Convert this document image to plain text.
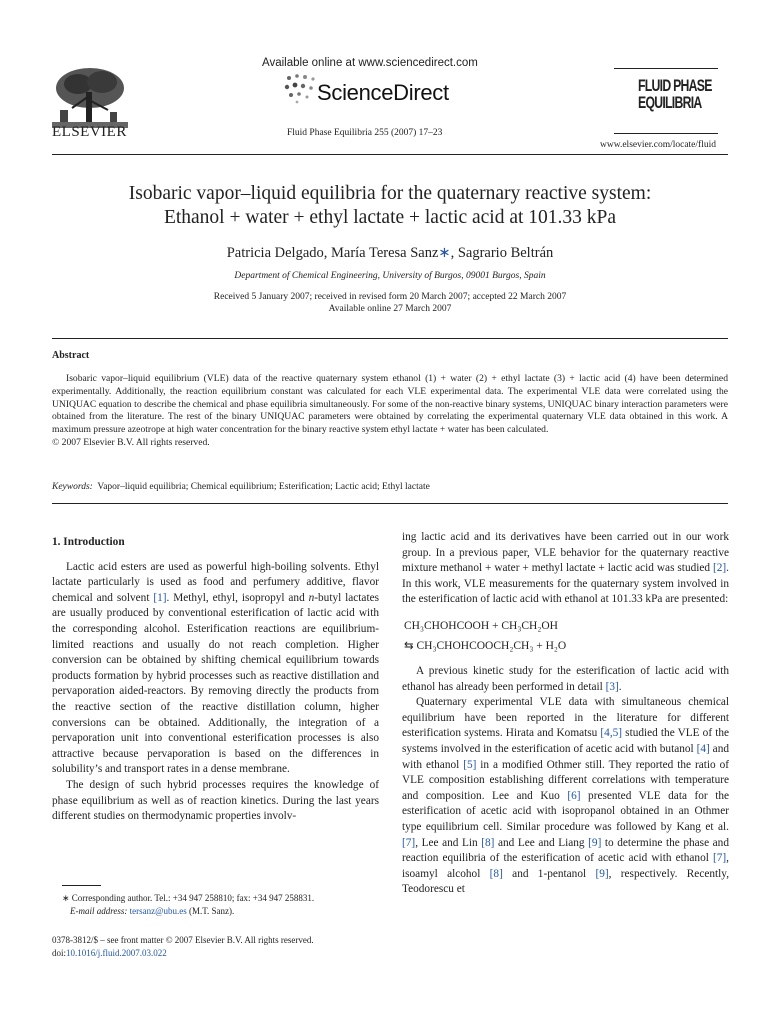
ELSEVIER
Available online at www.sciencedirect.com
ScienceDirect
Fluid Phase Equilibria 255 (2007) 17–23
FLUID PHASE
EQUILIBRIA
www.elsevier.com/locate/fluid
Isobaric vapor–liquid equilibria for the quaternary reactive system:
Ethanol + water + ethyl lactate + lactic acid at 101.33 kPa
Patricia Delgado, María Teresa Sanz∗, Sagrario Beltrán
Department of Chemical Engineering, University of Burgos, 09001 Burgos, Spain
Received 5 January 2007; received in revised form 20 March 2007; accepted 22 March 2007
Available online 27 March 2007
Abstract

Isobaric vapor–liquid equilibrium (VLE) data of the reactive quaternary system ethanol (1) + water (2) + ethyl lactate (3) + lactic acid (4) have been determined experimentally. Additionally, the reaction equilibrium constant was calculated for each VLE experimental data. The experimental VLE data were correlated using the UNIQUAC equation to describe the chemical and phase equilibria simultaneously. For some of the non-reactive binary systems, UNIQUAC binary interaction parameters were obtained from the literature. The rest of the binary UNIQUAC parameters were obtained by correlating the experimental quaternary VLE data obtained in this work. A maximum pressure azeotrope at high water concentration for the binary reactive system ethyl lactate + water has been calculated.

© 2007 Elsevier B.V. All rights reserved.

Keywords: Vapor–liquid equilibria; Chemical equilibrium; Esterification; Lactic acid; Ethyl lactate

1. Introduction

Lactic acid esters are used as powerful high-boiling solvents. Ethyl lactate particularly is used as food and perfumery additive, flavor chemical and solvent [1]. Methyl, ethyl, isopropyl and n-butyl lactates are usually produced by conventional esterification of lactic acid with the corresponding alcohol. Esterification reactions are equilibrium-limited reactions and usually do not reach completion. Higher conversion can be obtained by shifting chemical equilibrium towards products formation by hybrid processes such as reactive distillation and pervaporation aided-reactors. By removing directly the products from the reactive section of the reactive distillation column, higher conversions can be obtained. Additionally, the integration of a pervaporation unit into conventional esterification processes is also attractive because pervaporation is based on the differences in solubility’s and transport rates in a dense membrane.

The design of such hybrid processes requires the knowledge of phase equilibrium as well as of reaction kinetics. During the last years different studies on thermodynamic properties involv-

ing lactic acid and its derivatives have been carried out in our work group. In a previous paper, VLE behavior for the quaternary reactive mixture methanol + water + methyl lactate + lactic acid was studied [2]. In this work, VLE measurements for the quaternary system involved in the esterification of lactic acid with ethanol at 101.33 kPa are presented:

CH₃CHOHCOOH + CH₃CH₂OH
⇆ CH₃CHOHCOOCH₂CH₃ + H₂O

A previous kinetic study for the esterification of lactic acid with ethanol has already been performed in detail [3].

Quaternary experimental VLE data with simultaneous chemical equilibrium have been reported in the literature for different esterification systems. Hirata and Komatsu [4,5] studied the VLE of the systems involved in the esterification of acetic acid with butanol [4] and with ethanol [5] in a modified Othmer still. They reported the ratio of VLE composition establishing different correlations with temperature and composition. Lee and Kuo [6] presented VLE data for the esterification of acetic acid with isopropanol obtained in an Othmer type equilibrium cell. Similar procedure was followed by Kang et al. [7], Lee and Lin [8] and Lee and Liang [9] to determine the phase and reaction equilibria of the esterification of acetic acid with ethanol [7], isoamyl alcohol [8] and 1-pentanol [9], respectively. Recently, Teodorescu et

∗ Corresponding author. Tel.: +34 947 258810; fax: +34 947 258831.
E-mail address: tersanz@ubu.es (M.T. Sanz).
0378-3812/$ – see front matter © 2007 Elsevier B.V. All rights reserved.
doi:10.1016/j.fluid.2007.03.022
